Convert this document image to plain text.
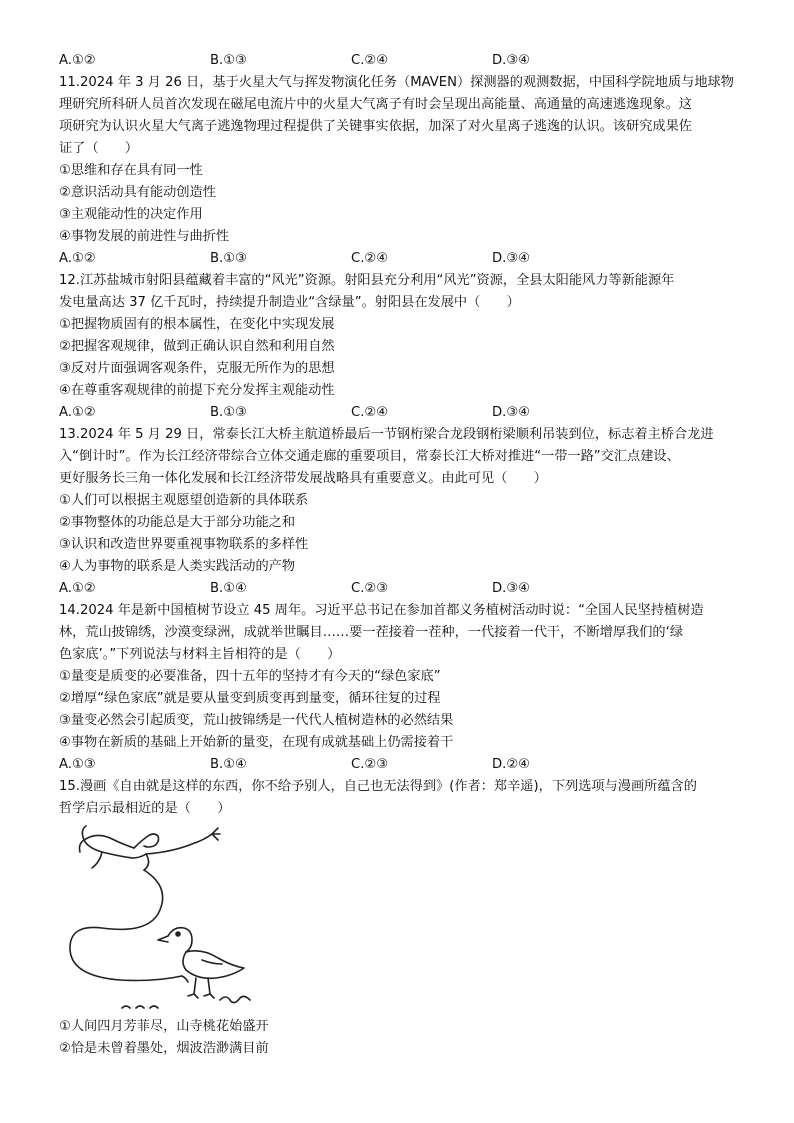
A.①②	B.①③	C.②④	D.③④
11.2024 年 3 月 26 日，基于火星大气与挥发物演化任务（MAVEN）探测器的观测数据，中国科学院地质与地球物
理研究所科研人员首次发现在磁尾电流片中的火星大气离子有时会呈现出高能量、高通量的高速逃逸现象。这
项研究为认识火星大气离子逃逸物理过程提供了关键事实依据，加深了对火星离子逃逸的认识。该研究成果佐
证了（　　）
①思维和存在具有同一性
②意识活动具有能动创造性
③主观能动性的决定作用
④事物发展的前进性与曲折性
A.①②	B.①③	C.②④	D.③④
12.江苏盐城市射阳县蕴藏着丰富的“风光”资源。射阳县充分利用“风光”资源，全县太阳能风力等新能源年
发电量高达 37 亿千瓦时，持续提升制造业“含绿量”。射阳县在发展中（　　）
①把握物质固有的根本属性，在变化中实现发展
②把握客观规律，做到正确认识自然和利用自然
③反对片面强调客观条件，克服无所作为的思想
④在尊重客观规律的前提下充分发挥主观能动性
A.①②	B.①③	C.②④	D.③④
13.2024 年 5 月 29 日，常泰长江大桥主航道桥最后一节钢桁梁合龙段钢桁梁顺利吊装到位，标志着主桥合龙进
入“倒计时”。作为长江经济带综合立体交通走廊的重要项目，常泰长江大桥对推进“一带一路”交汇点建设、
更好服务长三角一体化发展和长江经济带发展战略具有重要意义。由此可见（　　）
①人们可以根据主观愿望创造新的具体联系
②事物整体的功能总是大于部分功能之和
③认识和改造世界要重视事物联系的多样性
④人为事物的联系是人类实践活动的产物
A.①②	B.①④	C.②③	D.③④
14.2024 年是新中国植树节设立 45 周年。习近平总书记在参加首都义务植树活动时说：“全国人民坚持植树造
林，荒山披锦绣，沙漠变绿洲，成就举世瞩目……要一茬接着一茬种，一代接着一代干，不断增厚我们的‘绿
色家底’。”下列说法与材料主旨相符的是（　　）
①量变是质变的必要准备，四十五年的坚持才有今天的“绿色家底”
②增厚“绿色家底”就是要从量变到质变再到量变，循环往复的过程
③量变必然会引起质变，荒山披锦绣是一代代人植树造林的必然结果
④事物在新质的基础上开始新的量变，在现有成就基础上仍需接着干
A.①③	B.①④	C.②③	D.②④
15.漫画《自由就是这样的东西，你不给予别人，自己也无法得到》(作者：郑辛遥)，下列选项与漫画所蕴含的
哲学启示最相近的是（　　）
①人间四月芳菲尽，山寺桃花始盛开
②恰是未曾着墨处，烟波浩渺满目前
